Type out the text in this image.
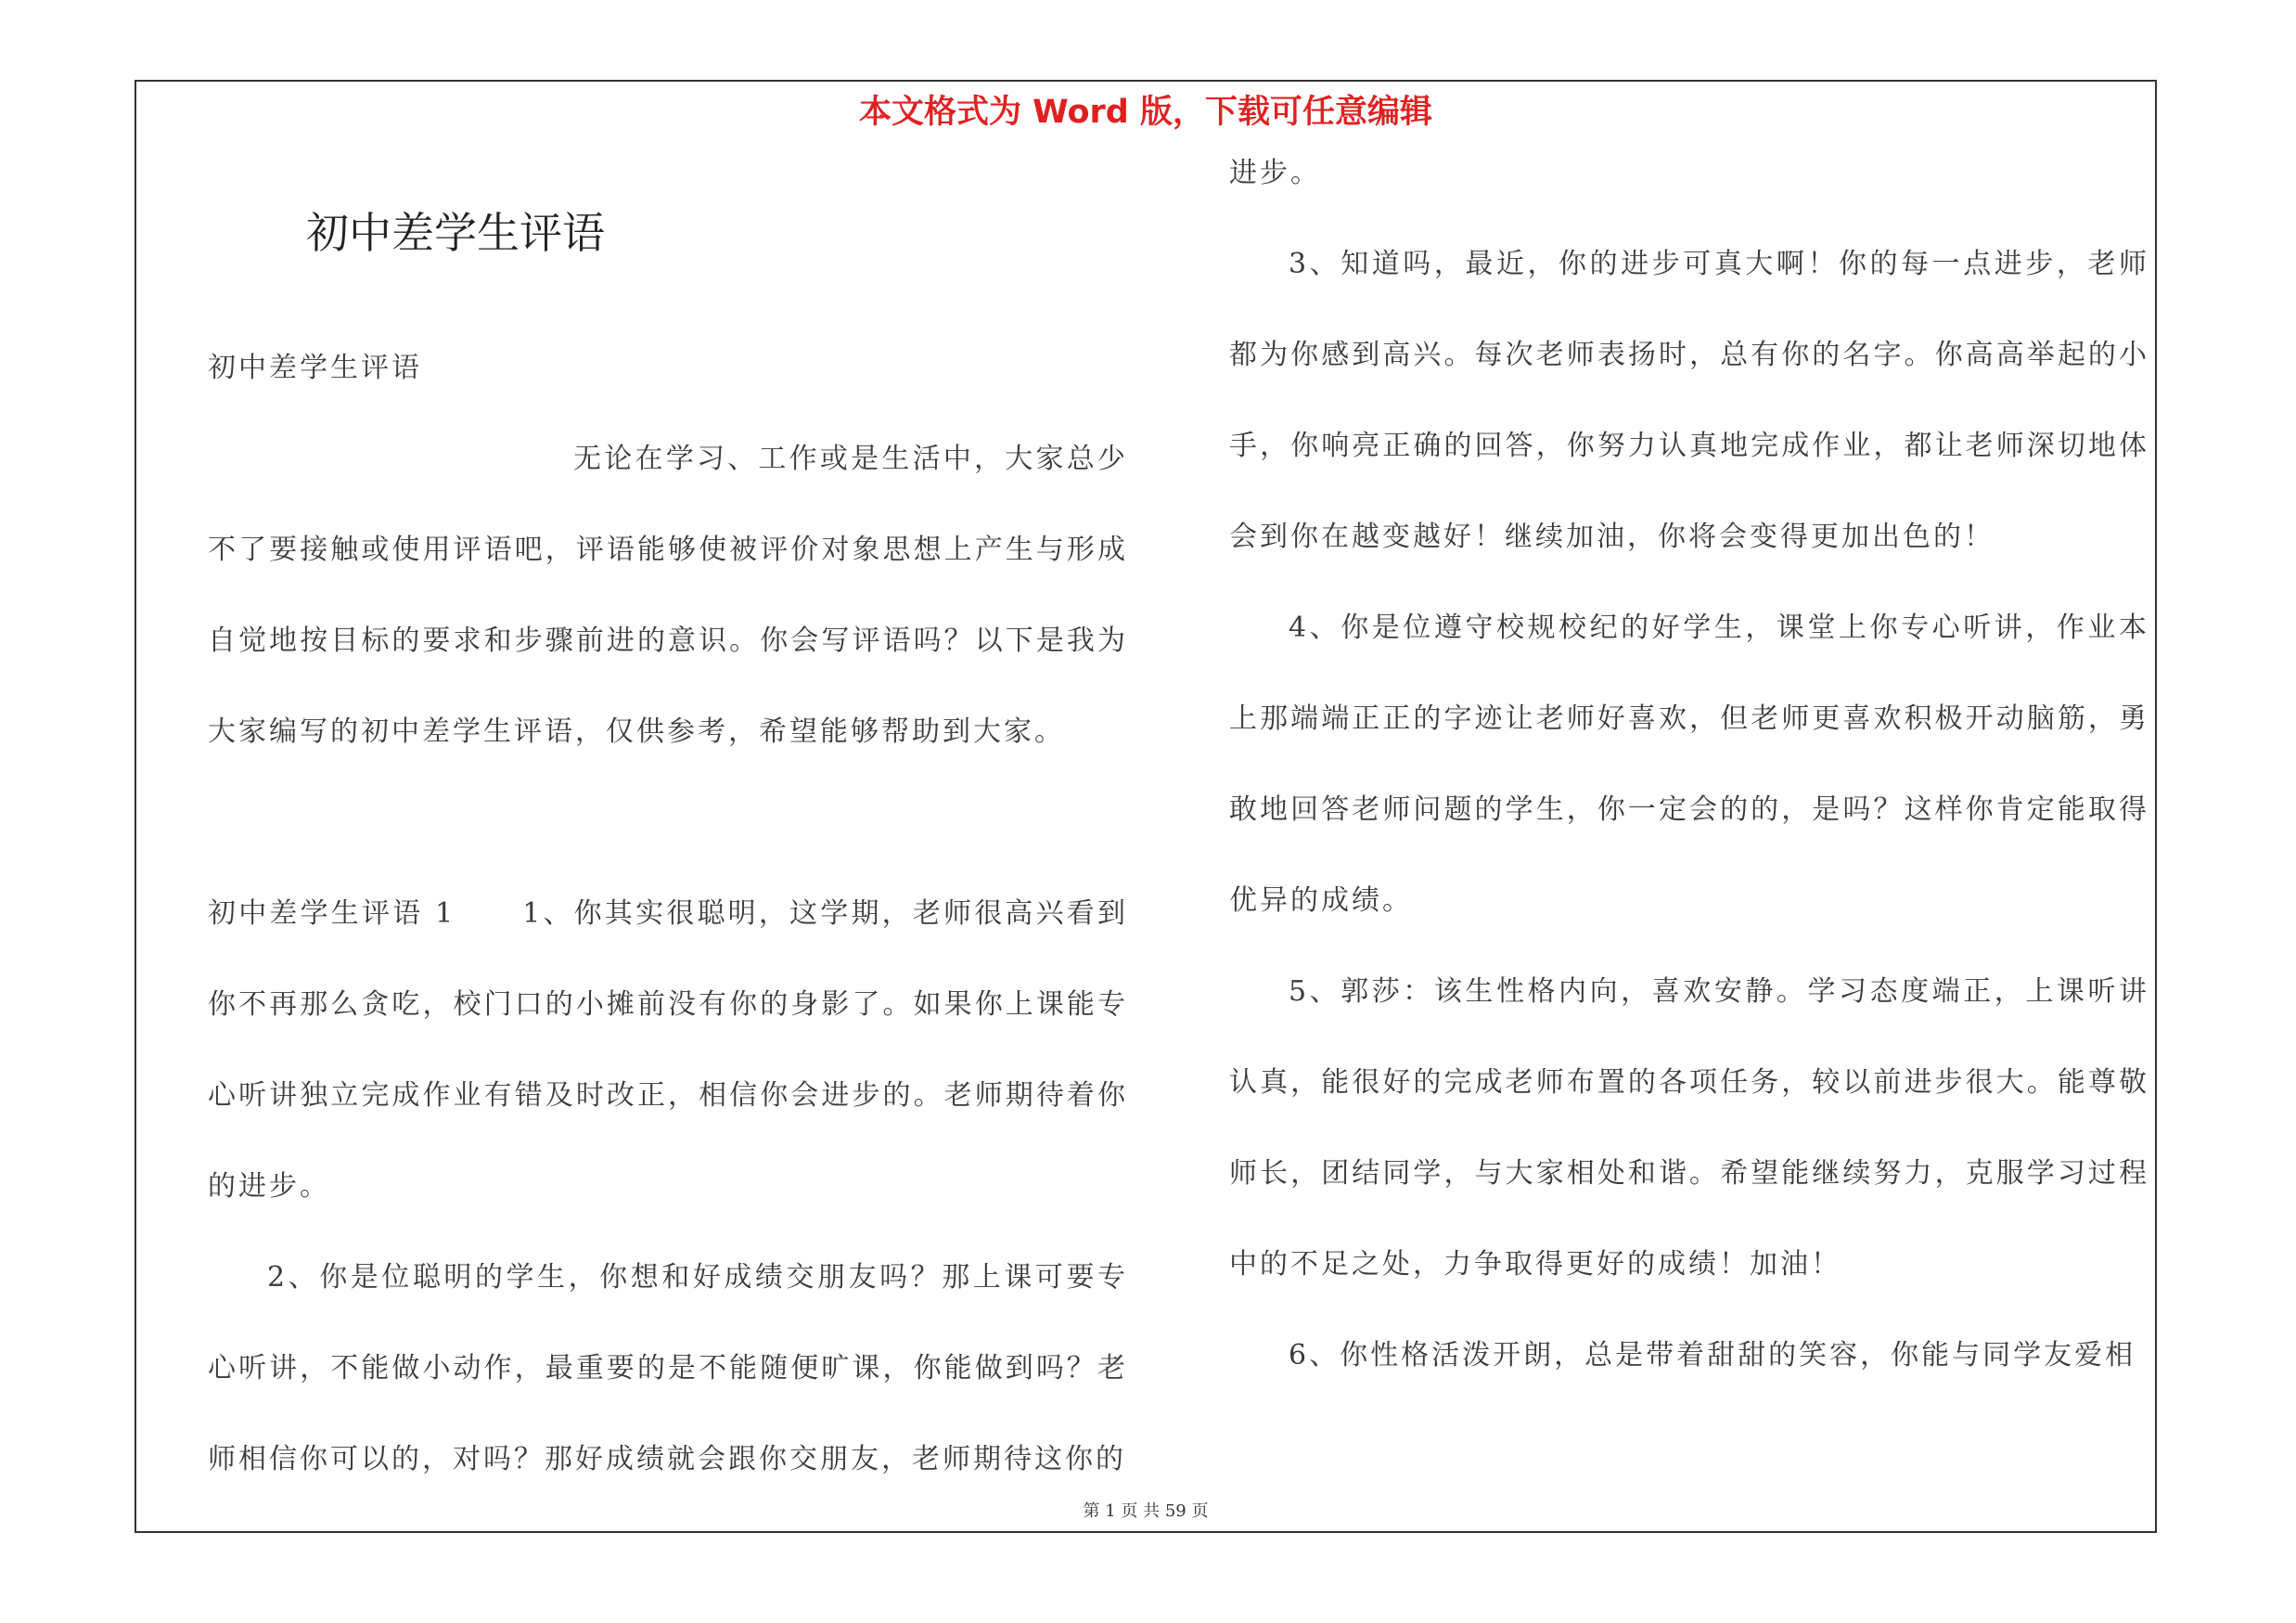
本文格式为 Word 版，下载可任意编辑
初中差学生评语

初中差学生评语

无论在学习、工作或是生活中，大家总少不了要接触或使用评语吧，评语能够使被评价对象思想上产生与形成自觉地按目标的要求和步骤前进的意识。你会写评语吗？以下是我为大家编写的初中差学生评语，仅供参考，希望能够帮助到大家。

初中差学生评语 1 1、你其实很聪明，这学期，老师很高兴看到你不再那么贪吃，校门口的小摊前没有你的身影了。如果你上课能专心听讲独立完成作业有错及时改正，相信你会进步的。老师期待着你的进步。

2、你是位聪明的学生，你想和好成绩交朋友吗？那上课可要专心听讲，不能做小动作，最重要的是不能随便旷课，你能做到吗？老师相信你可以的，对吗？那好成绩就会跟你交朋友，老师期待这你的

进步。

3、知道吗，最近，你的进步可真大啊！你的每一点进步，老师都为你感到高兴。每次老师表扬时，总有你的名字。你高高举起的小手，你响亮正确的回答，你努力认真地完成作业，都让老师深切地体会到你在越变越好！继续加油，你将会变得更加出色的！

4、你是位遵守校规校纪的好学生，课堂上你专心听讲，作业本上那端端正正的字迹让老师好喜欢，但老师更喜欢积极开动脑筋，勇敢地回答老师问题的学生，你一定会的的，是吗？这样你肯定能取得优异的成绩。

5、郭莎：该生性格内向，喜欢安静。学习态度端正，上课听讲认真，能很好的完成老师布置的各项任务，较以前进步很大。能尊敬师长，团结同学，与大家相处和谐。希望能继续努力，克服学习过程中的不足之处，力争取得更好的成绩！加油！

6、你性格活泼开朗，总是带着甜甜的笑容，你能与同学友爱相

第 1 页 共 59 页
